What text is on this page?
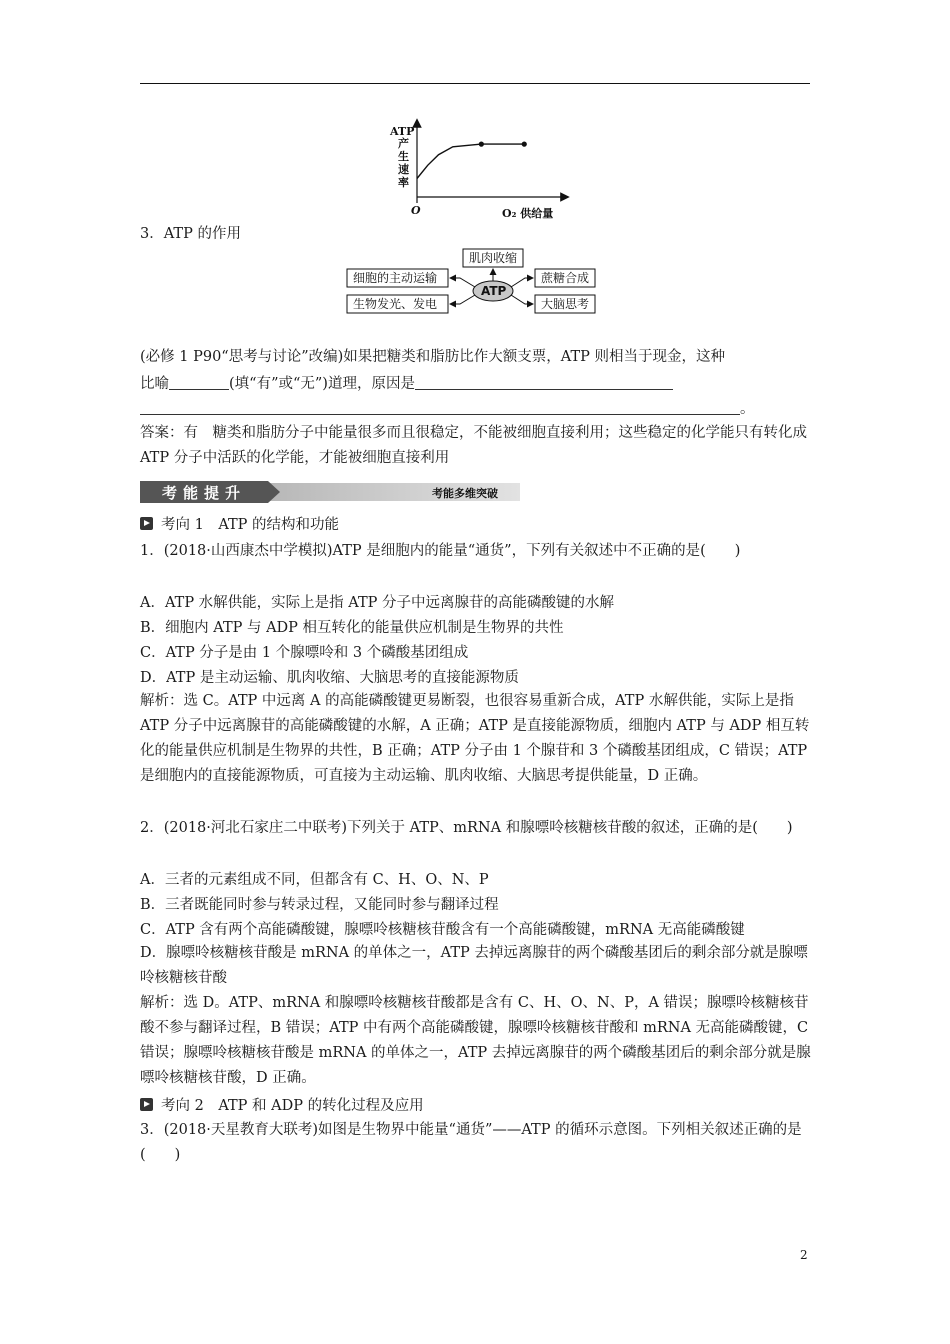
ATP
产
生
速
率
O	O₂ 供给量
3．ATP 的作用
肌肉收缩
细胞的主动运输
生物发光、发电
蔗糖合成
大脑思考
ATP
(必修 1 P90“思考与讨论”改编)如果把糖类和脂肪比作大额支票，ATP 则相当于现金，这种
比喻	(填“有”或“无”)道理，原因是
。
答案：有　糖类和脂肪分子中能量很多而且很稳定，不能被细胞直接利用；这些稳定的化学能只有转化成 ATP 分子中活跃的化学能，才能被细胞直接利用
考能提升	考能多维突破
考向 1　ATP 的结构和功能
1．(2018·山西康杰中学模拟)ATP 是细胞内的能量“通货”，下列有关叙述中不正确的是(　　)
A．ATP 水解供能，实际上是指 ATP 分子中远离腺苷的高能磷酸键的水解
B．细胞内 ATP 与 ADP 相互转化的能量供应机制是生物界的共性
C．ATP 分子是由 1 个腺嘌呤和 3 个磷酸基团组成
D．ATP 是主动运输、肌肉收缩、大脑思考的直接能源物质
解析：选 C。ATP 中远离 A 的高能磷酸键更易断裂，也很容易重新合成，ATP 水解供能，实际上是指 ATP 分子中远离腺苷的高能磷酸键的水解，A 正确；ATP 是直接能源物质，细胞内 ATP 与 ADP 相互转化的能量供应机制是生物界的共性，B 正确；ATP 分子由 1 个腺苷和 3 个磷酸基团组成，C 错误；ATP 是细胞内的直接能源物质，可直接为主动运输、肌肉收缩、大脑思考提供能量，D 正确。
2．(2018·河北石家庄二中联考)下列关于 ATP、mRNA 和腺嘌呤核糖核苷酸的叙述，正确的是(　　)
A．三者的元素组成不同，但都含有 C、H、O、N、P
B．三者既能同时参与转录过程，又能同时参与翻译过程
C．ATP 含有两个高能磷酸键，腺嘌呤核糖核苷酸含有一个高能磷酸键，mRNA 无高能磷酸键
D．腺嘌呤核糖核苷酸是 mRNA 的单体之一，ATP 去掉远离腺苷的两个磷酸基团后的剩余部分就是腺嘌呤核糖核苷酸
解析：选 D。ATP、mRNA 和腺嘌呤核糖核苷酸都是含有 C、H、O、N、P，A 错误；腺嘌呤核糖核苷酸不参与翻译过程，B 错误；ATP 中有两个高能磷酸键，腺嘌呤核糖核苷酸和 mRNA 无高能磷酸键，C 错误；腺嘌呤核糖核苷酸是 mRNA 的单体之一，ATP 去掉远离腺苷的两个磷酸基团后的剩余部分就是腺嘌呤核糖核苷酸，D 正确。
考向 2　ATP 和 ADP 的转化过程及应用
3．(2018·天星教育大联考)如图是生物界中能量“通货”——ATP 的循环示意图。下列相关叙述正确的是(　　)
2
